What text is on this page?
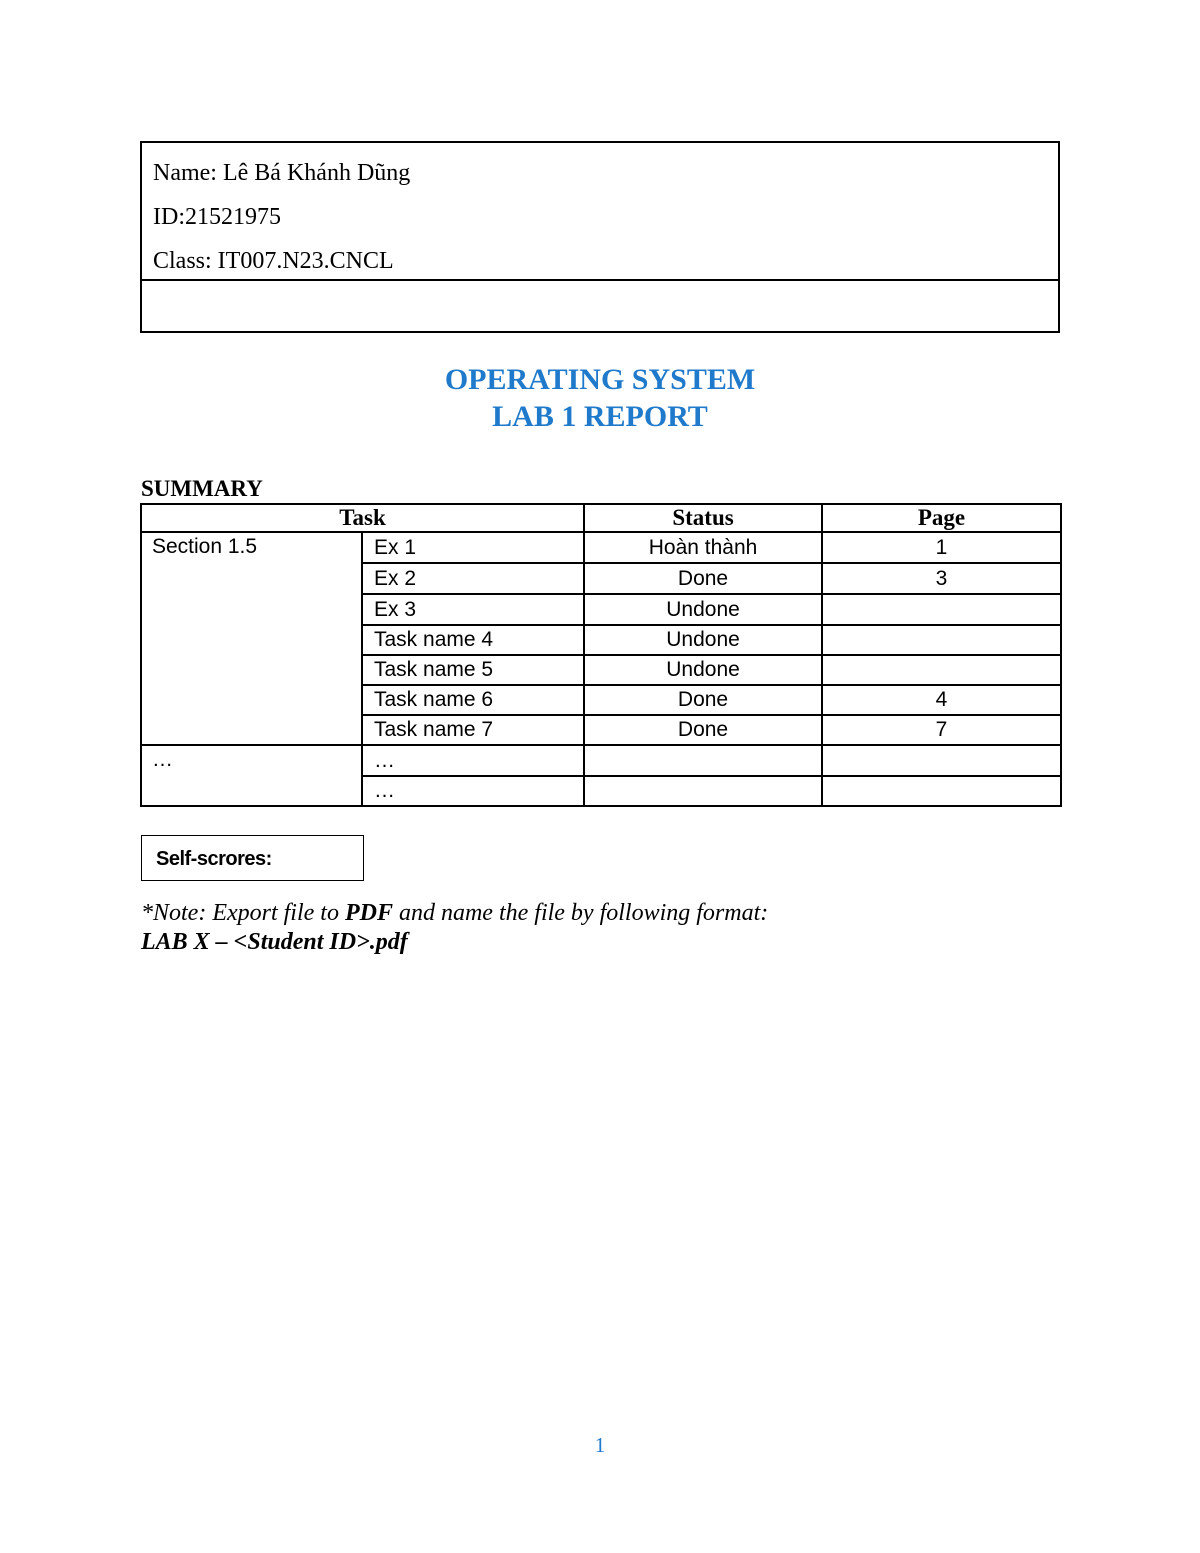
Name: Lê Bá Khánh Dũng
ID:21521975
Class: IT007.N23.CNCL
OPERATING SYSTEM
LAB 1 REPORT
SUMMARY
Task		Status	Page
Section 1.5	Ex 1	Hoàn thành	1
	Ex 2	Done	3
	Ex 3	Undone	
	Task name 4	Undone	
	Task name 5	Undone	
	Task name 6	Done	4
	Task name 7	Done	7
…	…		
	…		
Self-scrores:
*Note: Export file to PDF and name the file by following format:
LAB X – <Student ID>.pdf
1
